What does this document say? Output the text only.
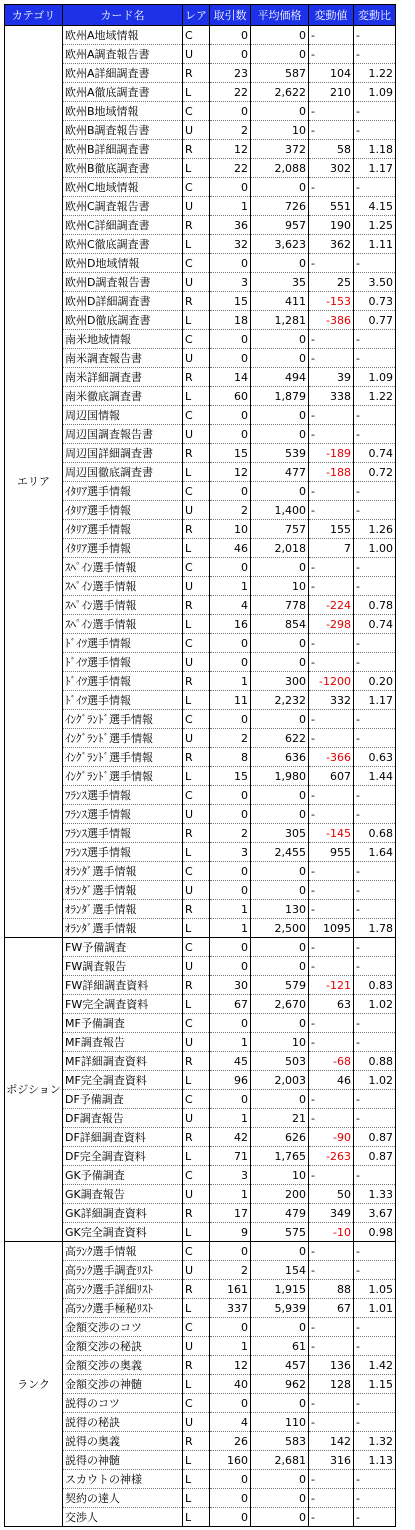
カテゴリ	カード名	レア	取引数	平均価格	変動値	変動比
エリア	欧州A地域情報	C	0	0	-	-
	欧州A調査報告書	U	0	0	-	-
	欧州A詳細調査書	R	23	587	104	1.22
	欧州A徹底調査書	L	22	2,622	210	1.09
	欧州B地域情報	C	0	0	-	-
	欧州B調査報告書	U	2	10	-	-
	欧州B詳細調査書	R	12	372	58	1.18
	欧州B徹底調査書	L	22	2,088	302	1.17
	欧州C地域情報	C	0	0	-	-
	欧州C調査報告書	U	1	726	551	4.15
	欧州C詳細調査書	R	36	957	190	1.25
	欧州C徹底調査書	L	32	3,623	362	1.11
	欧州D地域情報	C	0	0	-	-
	欧州D調査報告書	U	3	35	25	3.50
	欧州D詳細調査書	R	15	411	-153	0.73
	欧州D徹底調査書	L	18	1,281	-386	0.77
	南米地域情報	C	0	0	-	-
	南米調査報告書	U	0	0	-	-
	南米詳細調査書	R	14	494	39	1.09
	南米徹底調査書	L	60	1,879	338	1.22
	周辺国情報	C	0	0	-	-
	周辺国調査報告書	U	0	0	-	-
	周辺国詳細調査書	R	15	539	-189	0.74
	周辺国徹底調査書	L	12	477	-188	0.72
	ｲﾀﾘｱ選手情報	C	0	0	-	-
	ｲﾀﾘｱ選手情報	U	2	1,400	-	-
	ｲﾀﾘｱ選手情報	R	10	757	155	1.26
	ｲﾀﾘｱ選手情報	L	46	2,018	7	1.00
	ｽﾍﾟｲﾝ選手情報	C	0	0	-	-
	ｽﾍﾟｲﾝ選手情報	U	1	10	-	-
	ｽﾍﾟｲﾝ選手情報	R	4	778	-224	0.78
	ｽﾍﾟｲﾝ選手情報	L	16	854	-298	0.74
	ﾄﾞｲﾂ選手情報	C	0	0	-	-
	ﾄﾞｲﾂ選手情報	U	0	0	-	-
	ﾄﾞｲﾂ選手情報	R	1	300	-1200	0.20
	ﾄﾞｲﾂ選手情報	L	11	2,232	332	1.17
	ｲﾝｸﾞﾗﾝﾄﾞ選手情報	C	0	0	-	-
	ｲﾝｸﾞﾗﾝﾄﾞ選手情報	U	2	622	-	-
	ｲﾝｸﾞﾗﾝﾄﾞ選手情報	R	8	636	-366	0.63
	ｲﾝｸﾞﾗﾝﾄﾞ選手情報	L	15	1,980	607	1.44
	ﾌﾗﾝｽ選手情報	C	0	0	-	-
	ﾌﾗﾝｽ選手情報	U	0	0	-	-
	ﾌﾗﾝｽ選手情報	R	2	305	-145	0.68
	ﾌﾗﾝｽ選手情報	L	3	2,455	955	1.64
	ｵﾗﾝﾀﾞ選手情報	C	0	0	-	-
	ｵﾗﾝﾀﾞ選手情報	U	0	0	-	-
	ｵﾗﾝﾀﾞ選手情報	R	1	130	-	-
	ｵﾗﾝﾀﾞ選手情報	L	1	2,500	1095	1.78
ポジション	FW予備調査	C	0	0	-	-
	FW調査報告	U	0	0	-	-
	FW詳細調査資料	R	30	579	-121	0.83
	FW完全調査資料	L	67	2,670	63	1.02
	MF予備調査	C	0	0	-	-
	MF調査報告	U	1	10	-	-
	MF詳細調査資料	R	45	503	-68	0.88
	MF完全調査資料	L	96	2,003	46	1.02
	DF予備調査	C	0	0	-	-
	DF調査報告	U	1	21	-	-
	DF詳細調査資料	R	42	626	-90	0.87
	DF完全調査資料	L	71	1,765	-263	0.87
	GK予備調査	C	3	10	-	-
	GK調査報告	U	1	200	50	1.33
	GK詳細調査資料	R	17	479	349	3.67
	GK完全調査資料	L	9	575	-10	0.98
ランク	高ﾗﾝｸ選手情報	C	0	0	-	-
	高ﾗﾝｸ選手調査ﾘｽﾄ	U	2	154	-	-
	高ﾗﾝｸ選手詳細ﾘｽﾄ	R	161	1,915	88	1.05
	高ﾗﾝｸ選手極秘ﾘｽﾄ	L	337	5,939	67	1.01
	金額交渉のコツ	C	0	0	-	-
	金額交渉の秘訣	U	1	61	-	-
	金額交渉の奥義	R	12	457	136	1.42
	金額交渉の神髄	L	40	962	128	1.15
	説得のコツ	C	0	0	-	-
	説得の秘訣	U	4	110	-	-
	説得の奥義	R	26	583	142	1.32
	説得の神髄	L	160	2,681	316	1.13
	スカウトの神様	L	0	0	-	-
	契約の達人	L	0	0	-	-
	交渉人	L	0	0	-	-
